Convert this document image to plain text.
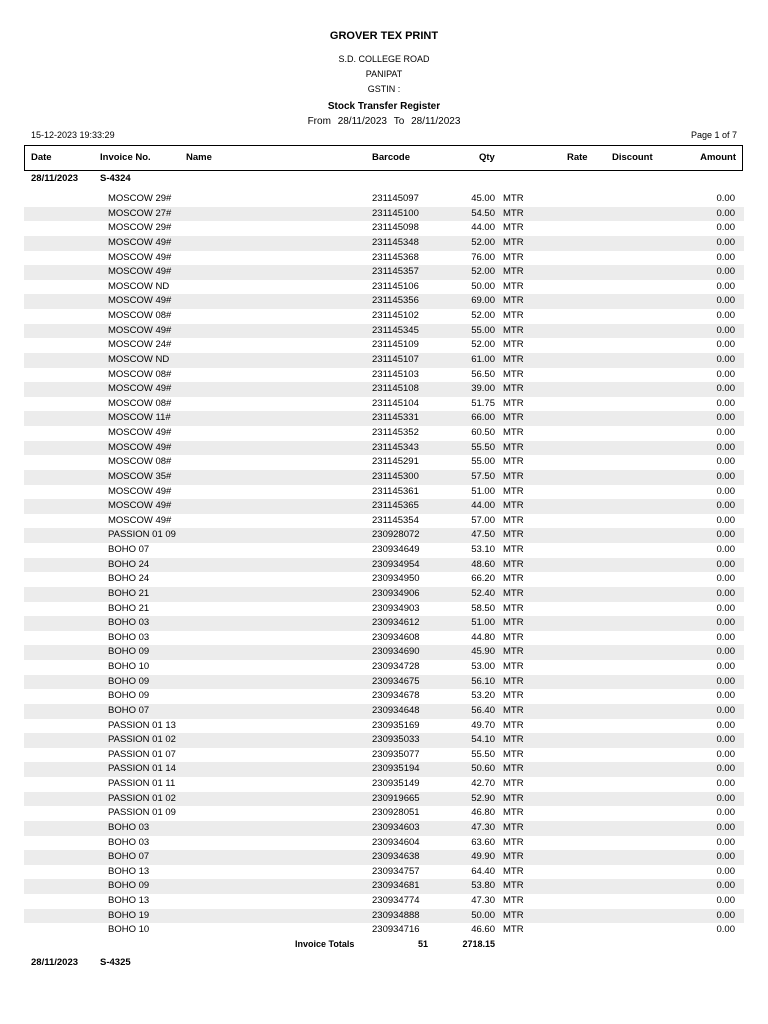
GROVER TEX PRINT
S.D. COLLEGE ROAD
PANIPAT
GSTIN :
Stock Transfer Register
From 28/11/2023 To 28/11/2023
15-12-2023 19:33:29	Page 1 of 7
Date	Invoice No.	Name	Barcode	Qty	Rate	Discount	Amount
28/11/2023 S-4324
MOSCOW 29#	231145097	45.00 MTR	0.00
MOSCOW 27#	231145100	54.50 MTR	0.00
MOSCOW 29#	231145098	44.00 MTR	0.00
MOSCOW 49#	231145348	52.00 MTR	0.00
MOSCOW 49#	231145368	76.00 MTR	0.00
MOSCOW 49#	231145357	52.00 MTR	0.00
MOSCOW ND	231145106	50.00 MTR	0.00
MOSCOW 49#	231145356	69.00 MTR	0.00
MOSCOW 08#	231145102	52.00 MTR	0.00
MOSCOW 49#	231145345	55.00 MTR	0.00
MOSCOW 24#	231145109	52.00 MTR	0.00
MOSCOW ND	231145107	61.00 MTR	0.00
MOSCOW 08#	231145103	56.50 MTR	0.00
MOSCOW 49#	231145108	39.00 MTR	0.00
MOSCOW 08#	231145104	51.75 MTR	0.00
MOSCOW 11#	231145331	66.00 MTR	0.00
MOSCOW 49#	231145352	60.50 MTR	0.00
MOSCOW 49#	231145343	55.50 MTR	0.00
MOSCOW 08#	231145291	55.00 MTR	0.00
MOSCOW 35#	231145300	57.50 MTR	0.00
MOSCOW 49#	231145361	51.00 MTR	0.00
MOSCOW 49#	231145365	44.00 MTR	0.00
MOSCOW 49#	231145354	57.00 MTR	0.00
PASSION 01 09	230928072	47.50 MTR	0.00
BOHO 07	230934649	53.10 MTR	0.00
BOHO 24	230934954	48.60 MTR	0.00
BOHO 24	230934950	66.20 MTR	0.00
BOHO 21	230934906	52.40 MTR	0.00
BOHO 21	230934903	58.50 MTR	0.00
BOHO 03	230934612	51.00 MTR	0.00
BOHO 03	230934608	44.80 MTR	0.00
BOHO 09	230934690	45.90 MTR	0.00
BOHO 10	230934728	53.00 MTR	0.00
BOHO 09	230934675	56.10 MTR	0.00
BOHO 09	230934678	53.20 MTR	0.00
BOHO 07	230934648	56.40 MTR	0.00
PASSION 01 13	230935169	49.70 MTR	0.00
PASSION 01 02	230935033	54.10 MTR	0.00
PASSION 01 07	230935077	55.50 MTR	0.00
PASSION 01 14	230935194	50.60 MTR	0.00
PASSION 01 11	230935149	42.70 MTR	0.00
PASSION 01 02	230919665	52.90 MTR	0.00
PASSION 01 09	230928051	46.80 MTR	0.00
BOHO 03	230934603	47.30 MTR	0.00
BOHO 03	230934604	63.60 MTR	0.00
BOHO 07	230934638	49.90 MTR	0.00
BOHO 13	230934757	64.40 MTR	0.00
BOHO 09	230934681	53.80 MTR	0.00
BOHO 13	230934774	47.30 MTR	0.00
BOHO 19	230934888	50.00 MTR	0.00
BOHO 10	230934716	46.60 MTR	0.00
Invoice Totals	51	2718.15
28/11/2023 S-4325
